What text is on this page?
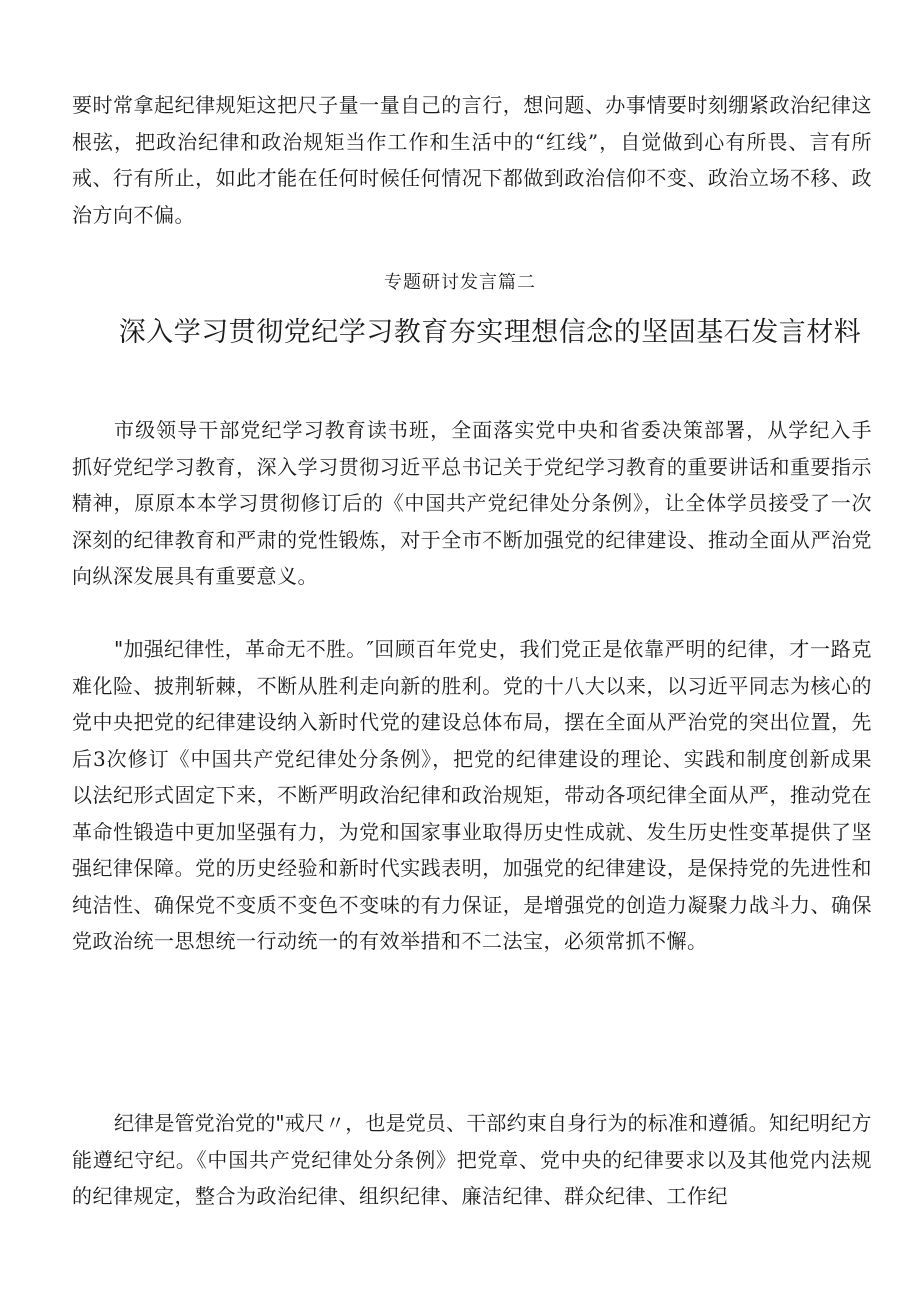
要时常拿起纪律规矩这把尺子量一量自己的言行，想问题、办事情要时刻绷紧政治纪律这根弦，把政治纪律和政治规矩当作工作和生活中的“红线”，自觉做到心有所畏、言有所戒、行有所止，如此才能在任何时候任何情况下都做到政治信仰不变、政治立场不移、政治方向不偏。

专题研讨发言篇二

深入学习贯彻党纪学习教育夯实理想信念的坚固基石发言材料

市级领导干部党纪学习教育读书班，全面落实党中央和省委决策部署，从学纪入手抓好党纪学习教育，深入学习贯彻习近平总书记关于党纪学习教育的重要讲话和重要指示精神，原原本本学习贯彻修订后的《中国共产党纪律处分条例》，让全体学员接受了一次深刻的纪律教育和严肃的党性锻炼，对于全市不断加强党的纪律建设、推动全面从严治党向纵深发展具有重要意义。

"加强纪律性，革命无不胜。″回顾百年党史，我们党正是依靠严明的纪律，才一路克难化险、披荆斩棘，不断从胜利走向新的胜利。党的十八大以来，以习近平同志为核心的党中央把党的纪律建设纳入新时代党的建设总体布局，摆在全面从严治党的突出位置，先后3次修订《中国共产党纪律处分条例》，把党的纪律建设的理论、实践和制度创新成果以法纪形式固定下来，不断严明政治纪律和政治规矩，带动各项纪律全面从严，推动党在革命性锻造中更加坚强有力，为党和国家事业取得历史性成就、发生历史性变革提供了坚强纪律保障。党的历史经验和新时代实践表明，加强党的纪律建设，是保持党的先进性和纯洁性、确保党不变质不变色不变味的有力保证，是增强党的创造力凝聚力战斗力、确保党政治统一思想统一行动统一的有效举措和不二法宝，必须常抓不懈。

纪律是管党治党的"戒尺〃，也是党员、干部约束自身行为的标准和遵循。知纪明纪方能遵纪守纪。《中国共产党纪律处分条例》把党章、党中央的纪律要求以及其他党内法规的纪律规定，整合为政治纪律、组织纪律、廉洁纪律、群众纪律、工作纪
